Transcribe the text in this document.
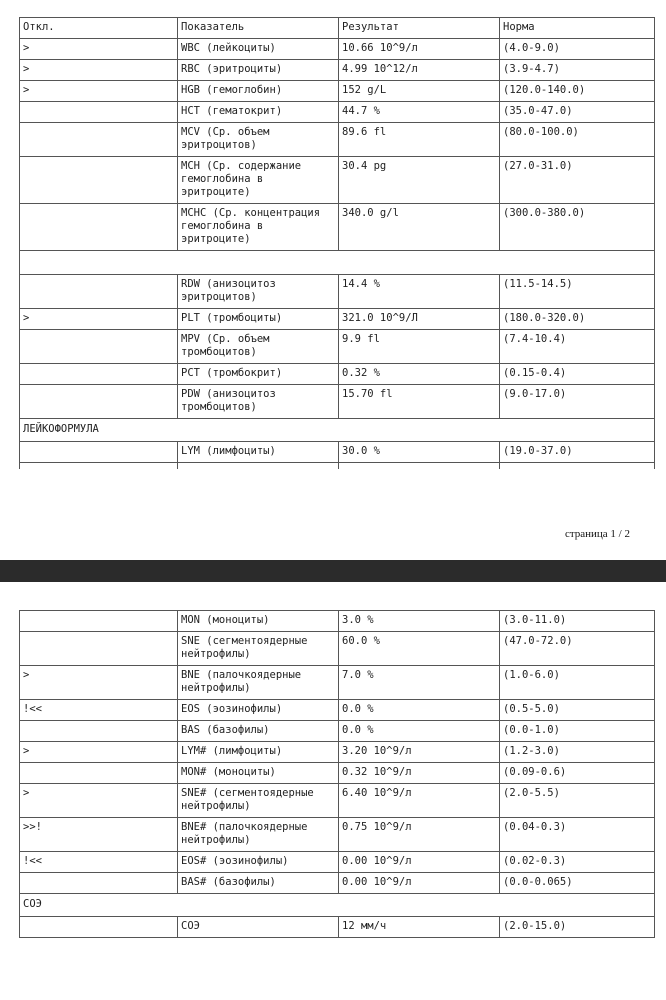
Откл.	Показатель	Результат	Норма
>	WBC (лейкоциты)	10.66 10^9/л	(4.0-9.0)
>	RBC (эритроциты)	4.99 10^12/л	(3.9-4.7)
>	HGB (гемоглобин)	152 g/L	(120.0-140.0)
	HCT (гематокрит)	44.7 %	(35.0-47.0)
	MCV (Ср. объем эритроцитов)	89.6 fl	(80.0-100.0)
	MCH (Ср. содержание гемоглобина в эритроците)	30.4 pg	(27.0-31.0)
	MCHC (Ср. концентрация гемоглобина в эритроците)	340.0 g/l	(300.0-380.0)

	RDW (анизоцитоз эритроцитов)	14.4 %	(11.5-14.5)
>	PLT (тромбоциты)	321.0 10^9/Л	(180.0-320.0)
	MPV (Ср. объем тромбоцитов)	9.9 fl	(7.4-10.4)
	PCT (тромбокрит)	0.32 %	(0.15-0.4)
	PDW (анизоцитоз тромбоцитов)	15.70 fl	(9.0-17.0)
ЛЕЙКОФОРМУЛА			
	LYM (лимфоциты)	30.0 %	(19.0-37.0)

страница 1 / 2
	MON (моноциты)	3.0 %	(3.0-11.0)
	SNE (сегментоядерные нейтрофилы)	60.0 %	(47.0-72.0)
>	BNE (палочкоядерные нейтрофилы)	7.0 %	(1.0-6.0)
!<<	EOS (эозинофилы)	0.0 %	(0.5-5.0)
	BAS (базофилы)	0.0 %	(0.0-1.0)
>	LYM# (лимфоциты)	3.20 10^9/л	(1.2-3.0)
	MON# (моноциты)	0.32 10^9/л	(0.09-0.6)
>	SNE# (сегментоядерные нейтрофилы)	6.40 10^9/л	(2.0-5.5)
>>!	BNE# (палочкоядерные нейтрофилы)	0.75 10^9/л	(0.04-0.3)
!<<	EOS# (эозинофилы)	0.00 10^9/л	(0.02-0.3)
	BAS# (базофилы)	0.00 10^9/л	(0.0-0.065)
СОЭ			
	СОЭ	12 мм/ч	(2.0-15.0)
